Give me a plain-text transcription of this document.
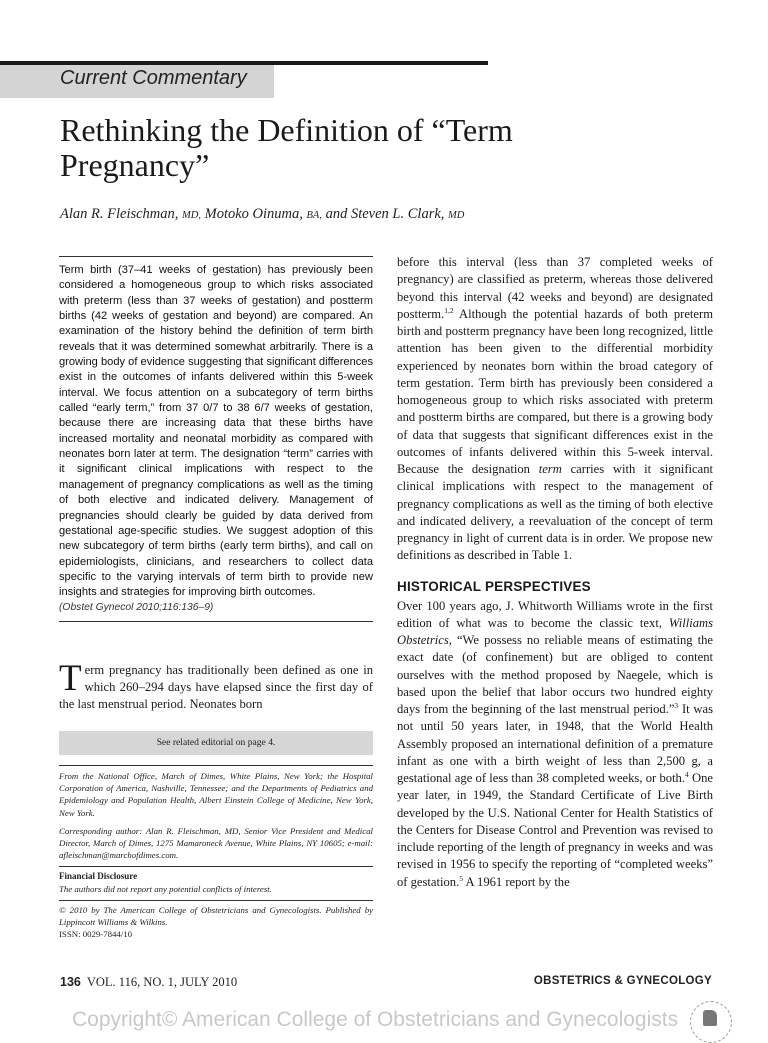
Current Commentary
Rethinking the Definition of “Term Pregnancy”
Alan R. Fleischman, MD, Motoko Oinuma, BA, and Steven L. Clark, MD

Term birth (37–41 weeks of gestation) has previously been considered a homogeneous group to which risks associated with preterm (less than 37 weeks of gestation) and postterm births (42 weeks of gestation and beyond) are compared. An examination of the history behind the definition of term birth reveals that it was determined somewhat arbitrarily. There is a growing body of evidence suggesting that significant differences exist in the outcomes of infants delivered within this 5-week interval. We focus attention on a subcategory of term births called “early term,” from 37 0/7 to 38 6/7 weeks of gestation, because there are increasing data that these births have increased mortality and neonatal morbidity as compared with neonates born later at term. The designation “term” carries with it significant clinical implications with respect to the management of pregnancy complications as well as the timing of both elective and indicated delivery. Management of pregnancies should clearly be guided by data derived from gestational age-specific studies. We suggest adoption of this new subcategory of term births (early term births), and call on epidemiologists, clinicians, and researchers to collect data specific to the varying intervals of term birth to provide new insights and strategies for improving birth outcomes.

(Obstet Gynecol 2010;116:136–9)

Term pregnancy has traditionally been defined as one in which 260–294 days have elapsed since the first day of the last menstrual period. Neonates born

See related editorial on page 4.

From the National Office, March of Dimes, White Plains, New York; the Hospital Corporation of America, Nashville, Tennessee; and the Departments of Pediatrics and Epidemiology and Population Health, Albert Einstein College of Medicine, New York, New York.

Corresponding author: Alan R. Fleischman, MD, Senior Vice President and Medical Director, March of Dimes, 1275 Mamaroneck Avenue, White Plains, NY 10605; e-mail: afleischman@marchofdimes.com.

Financial Disclosure

The authors did not report any potential conflicts of interest.

© 2010 by The American College of Obstetricians and Gynecologists. Published by Lippincott Williams & Wilkins.

ISSN: 0029-7844/10

before this interval (less than 37 completed weeks of pregnancy) are classified as preterm, whereas those delivered beyond this interval (42 weeks and beyond) are designated postterm.$^{1,2}$ Although the potential hazards of both preterm birth and postterm pregnancy have been long recognized, little attention has been given to the differential morbidity experienced by neonates born within the broad category of term gestation. Term birth has previously been considered a homogeneous group to which risks associated with preterm and postterm births are compared, but there is a growing body of data that suggests that significant differences exist in the outcomes of infants delivered within this 5-week interval. Because the designation term carries with it significant clinical implications with respect to the management of pregnancy complications as well as the timing of both elective and indicated delivery, a reevaluation of the concept of term pregnancy in light of current data is in order. We propose new definitions as described in Table 1.

HISTORICAL PERSPECTIVES

Over 100 years ago, J. Whitworth Williams wrote in the first edition of what was to become the classic text, Williams Obstetrics, “We possess no reliable means of estimating the exact date (of confinement) but are obliged to content ourselves with the method proposed by Naegele, which is based upon the belief that labor occurs two hundred eighty days from the beginning of the last menstrual period.”$^3$ It was not until 50 years later, in 1948, that the World Health Assembly proposed an international definition of a premature infant as one with a birth weight of less than 2,500 g, a gestational age of less than 38 completed weeks, or both.$^4$ One year later, in 1949, the Standard Certificate of Live Birth developed by the U.S. National Center for Health Statistics of the Centers for Disease Control and Prevention was revised to include reporting of the length of pregnancy in weeks and was revised in 1956 to specify the reporting of “completed weeks” of gestation.$^5$ A 1961 report by the

136 VOL. 116, NO. 1, JULY 2010	OBSTETRICS & GYNECOLOGY
Copyright© American College of Obstetricians and Gynecologists
